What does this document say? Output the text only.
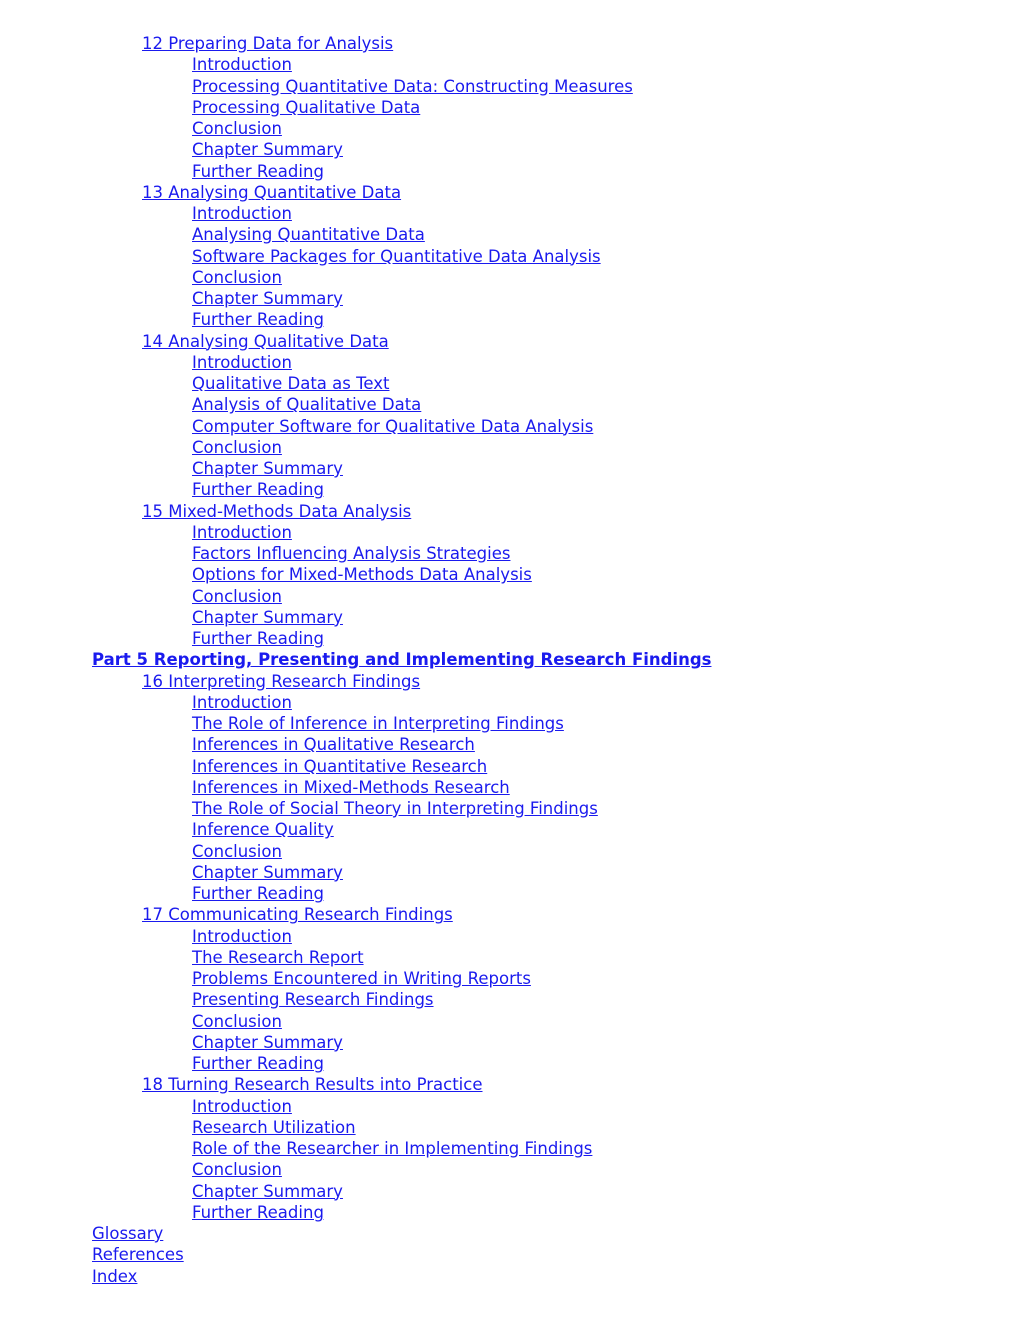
12 Preparing Data for Analysis
Introduction
Processing Quantitative Data: Constructing Measures
Processing Qualitative Data
Conclusion
Chapter Summary
Further Reading
13 Analysing Quantitative Data
Introduction
Analysing Quantitative Data
Software Packages for Quantitative Data Analysis
Conclusion
Chapter Summary
Further Reading
14 Analysing Qualitative Data
Introduction
Qualitative Data as Text
Analysis of Qualitative Data
Computer Software for Qualitative Data Analysis
Conclusion
Chapter Summary
Further Reading
15 Mixed-Methods Data Analysis
Introduction
Factors Influencing Analysis Strategies
Options for Mixed-Methods Data Analysis
Conclusion
Chapter Summary
Further Reading
Part 5 Reporting, Presenting and Implementing Research Findings
16 Interpreting Research Findings
Introduction
The Role of Inference in Interpreting Findings
Inferences in Qualitative Research
Inferences in Quantitative Research
Inferences in Mixed-Methods Research
The Role of Social Theory in Interpreting Findings
Inference Quality
Conclusion
Chapter Summary
Further Reading
17 Communicating Research Findings
Introduction
The Research Report
Problems Encountered in Writing Reports
Presenting Research Findings
Conclusion
Chapter Summary
Further Reading
18 Turning Research Results into Practice
Introduction
Research Utilization
Role of the Researcher in Implementing Findings
Conclusion
Chapter Summary
Further Reading
Glossary
References
Index
